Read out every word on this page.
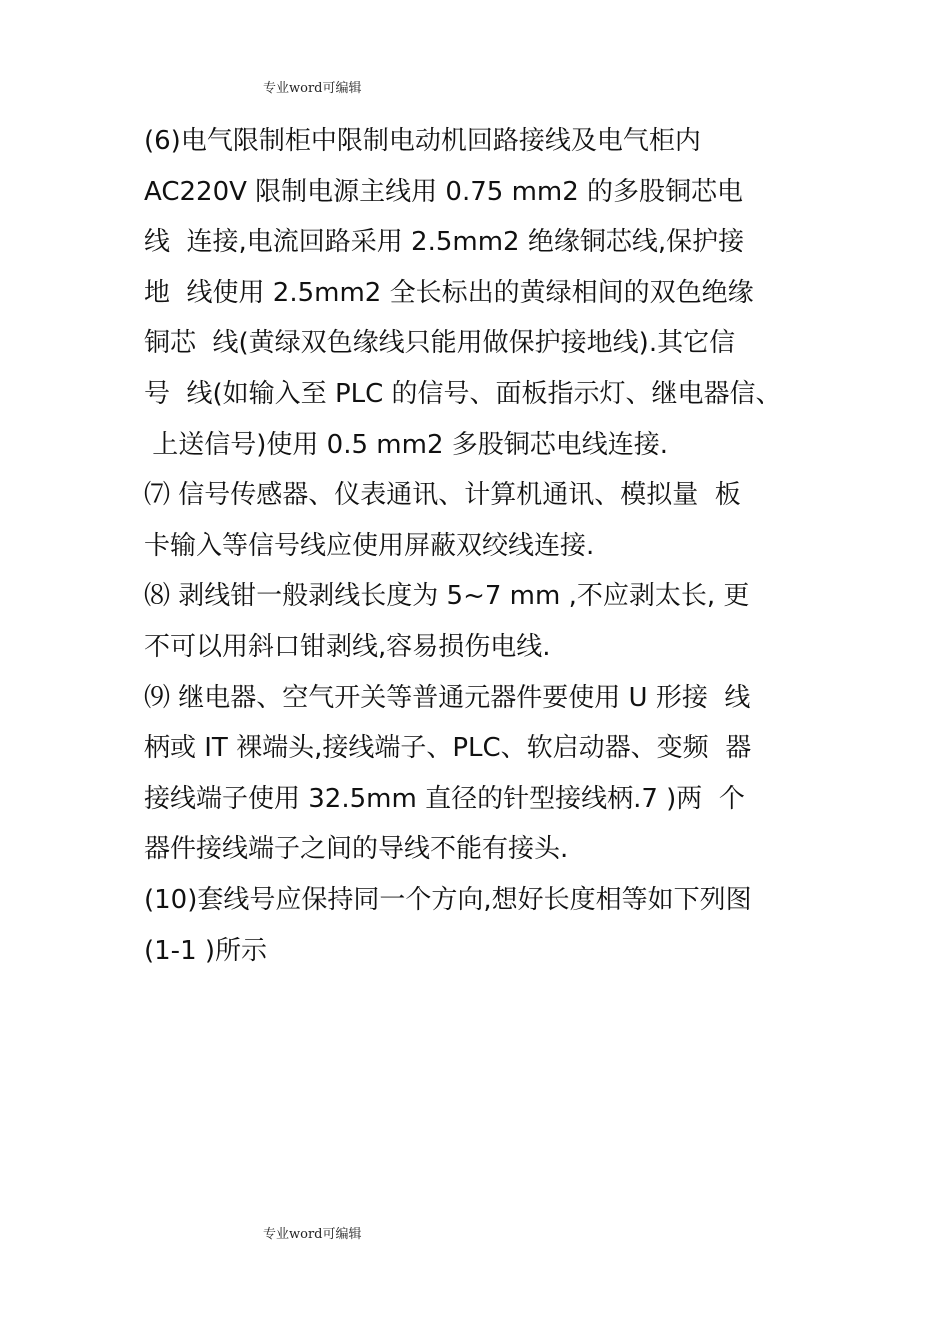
专业word可编辑
(6)电气限制柜中限制电动机回路接线及电气柜内
AC220V 限制电源主线用 0.75 mm2 的多股铜芯电
线  连接,电流回路采用 2.5mm2 绝缘铜芯线,保护接
地  线使用 2.5mm2 全长标出的黄绿相间的双色绝缘
铜芯  线(黄绿双色缘线只能用做保护接地线).其它信
号  线(如输入至 PLC 的信号、面板指示灯、继电器信、
上送信号)使用 0.5 mm2 多股铜芯电线连接.
⑺ 信号传感器、仪表通讯、计算机通讯、模拟量  板
卡输入等信号线应使用屏蔽双绞线连接.
⑻ 剥线钳一般剥线长度为 5~7 mm ,不应剥太长, 更
不可以用斜口钳剥线,容易损伤电线.
⑼ 继电器、空气开关等普通元器件要使用 U 形接  线
柄或 IT 裸端头,接线端子、PLC、软启动器、变频  器
接线端子使用 32.5mm 直径的针型接线柄.7 )两  个
器件接线端子之间的导线不能有接头.
(10)套线号应保持同一个方向,想好长度相等如下列图
(1-1 )所示
专业word可编辑
